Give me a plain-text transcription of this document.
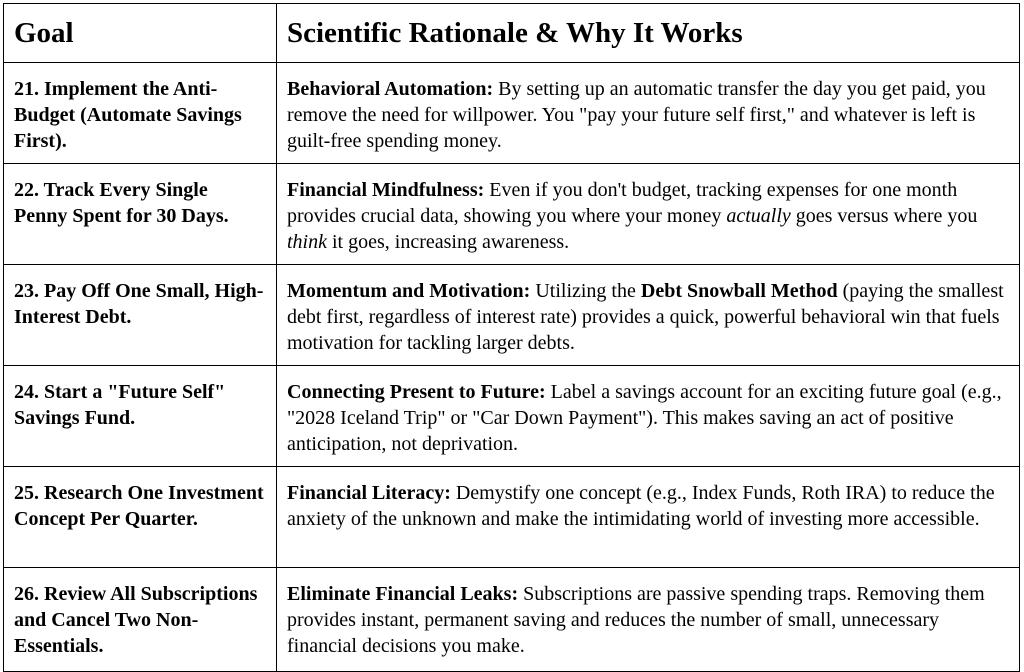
Goal	Scientific Rationale & Why It Works
21. Implement the Anti-Budget (Automate Savings First).	Behavioral Automation: By setting up an automatic transfer the day you get paid, you remove the need for willpower. You "pay your future self first," and whatever is left is guilt-free spending money.
22. Track Every Single Penny Spent for 30 Days.	Financial Mindfulness: Even if you don't budget, tracking expenses for one month provides crucial data, showing you where your money actually goes versus where you think it goes, increasing awareness.
23. Pay Off One Small, High-Interest Debt.	Momentum and Motivation: Utilizing the Debt Snowball Method (paying the smallest debt first, regardless of interest rate) provides a quick, powerful behavioral win that fuels motivation for tackling larger debts.
24. Start a "Future Self" Savings Fund.	Connecting Present to Future: Label a savings account for an exciting future goal (e.g., "2028 Iceland Trip" or "Car Down Payment"). This makes saving an act of positive anticipation, not deprivation.
25. Research One Investment Concept Per Quarter.	Financial Literacy: Demystify one concept (e.g., Index Funds, Roth IRA) to reduce the anxiety of the unknown and make the intimidating world of investing more accessible.
26. Review All Subscriptions and Cancel Two Non-Essentials.	Eliminate Financial Leaks: Subscriptions are passive spending traps. Removing them provides instant, permanent saving and reduces the number of small, unnecessary financial decisions you make.
